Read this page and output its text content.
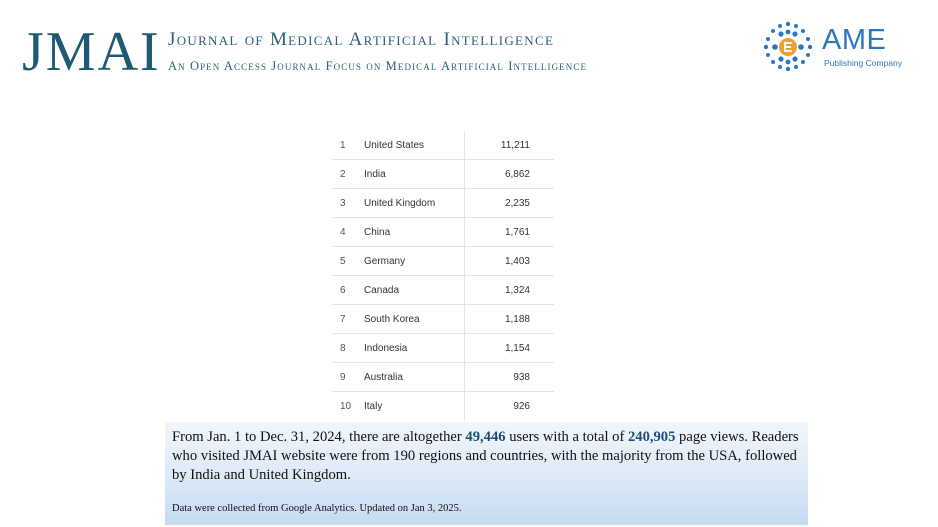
JMAI Journal of Medical Artificial Intelligence
An Open Access Journal Focus on Medical Artificial Intelligence
AME
Publishing Company
1	United States	11,211
2	India	6,862
3	United Kingdom	2,235
4	China	1,761
5	Germany	1,403
6	Canada	1,324
7	South Korea	1,188
8	Indonesia	1,154
9	Australia	938
10	Italy	926
From Jan. 1 to Dec. 31, 2024, there are altogether 49,446 users with a total of 240,905 page views. Readers who visited JMAI website were from 190 regions and countries, with the majority from the USA, followed by India and United Kingdom.
Data were collected from Google Analytics. Updated on Jan 3, 2025.
